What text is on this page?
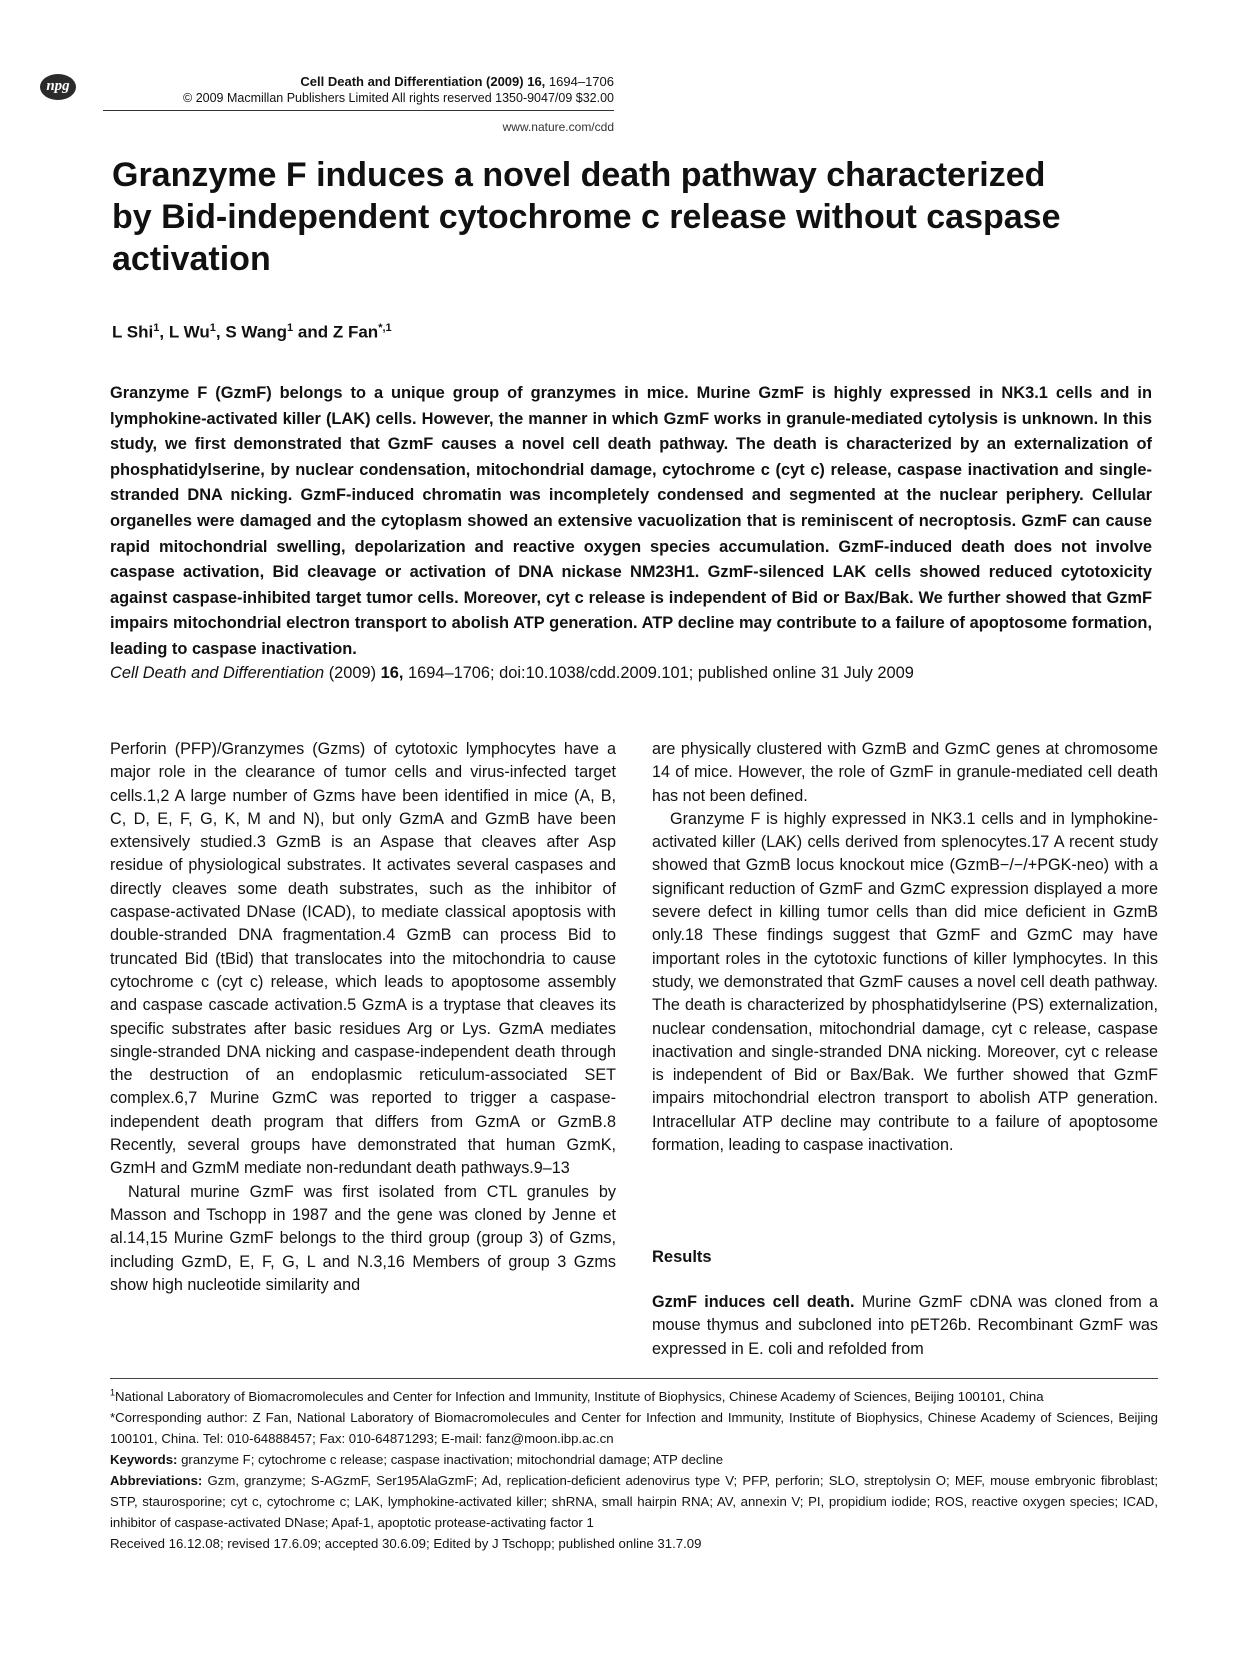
npg	Cell Death and Differentiation (2009) 16, 1694–1706
© 2009 Macmillan Publishers Limited All rights reserved 1350-9047/09 $32.00
www.nature.com/cdd
Granzyme F induces a novel death pathway characterized by Bid-independent cytochrome c release without caspase activation
L Shi$^1$, L Wu$^1$, S Wang$^1$ and Z Fan$^{*,1}$

Granzyme F (GzmF) belongs to a unique group of granzymes in mice. Murine GzmF is highly expressed in NK3.1 cells and in lymphokine-activated killer (LAK) cells. However, the manner in which GzmF works in granule-mediated cytolysis is unknown. In this study, we first demonstrated that GzmF causes a novel cell death pathway. The death is characterized by an externalization of phosphatidylserine, by nuclear condensation, mitochondrial damage, cytochrome c (cyt c) release, caspase inactivation and single-stranded DNA nicking. GzmF-induced chromatin was incompletely condensed and segmented at the nuclear periphery. Cellular organelles were damaged and the cytoplasm showed an extensive vacuolization that is reminiscent of necroptosis. GzmF can cause rapid mitochondrial swelling, depolarization and reactive oxygen species accumulation. GzmF-induced death does not involve caspase activation, Bid cleavage or activation of DNA nickase NM23H1. GzmF-silenced LAK cells showed reduced cytotoxicity against caspase-inhibited target tumor cells. Moreover, cyt c release is independent of Bid or Bax/Bak. We further showed that GzmF impairs mitochondrial electron transport to abolish ATP generation. ATP decline may contribute to a failure of apoptosome formation, leading to caspase inactivation.

Cell Death and Differentiation (2009) 16, 1694–1706; doi:10.1038/cdd.2009.101; published online 31 July 2009

Perforin (PFP)/Granzymes (Gzms) of cytotoxic lymphocytes have a major role in the clearance of tumor cells and virus-infected target cells.1,2 A large number of Gzms have been identified in mice (A, B, C, D, E, F, G, K, M and N), but only GzmA and GzmB have been extensively studied.3 GzmB is an Aspase that cleaves after Asp residue of physiological substrates. It activates several caspases and directly cleaves some death substrates, such as the inhibitor of caspase-activated DNase (ICAD), to mediate classical apoptosis with double-stranded DNA fragmentation.4 GzmB can process Bid to truncated Bid (tBid) that translocates into the mitochondria to cause cytochrome c (cyt c) release, which leads to apoptosome assembly and caspase cascade activation.5 GzmA is a tryptase that cleaves its specific substrates after basic residues Arg or Lys. GzmA mediates single-stranded DNA nicking and caspase-independent death through the destruction of an endoplasmic reticulum-associated SET complex.6,7 Murine GzmC was reported to trigger a caspase-independent death program that differs from GzmA or GzmB.8 Recently, several groups have demonstrated that human GzmK, GzmH and GzmM mediate non-redundant death pathways.9–13

Natural murine GzmF was first isolated from CTL granules by Masson and Tschopp in 1987 and the gene was cloned by Jenne et al.14,15 Murine GzmF belongs to the third group (group 3) of Gzms, including GzmD, E, F, G, L and N.3,16 Members of group 3 Gzms show high nucleotide similarity and

are physically clustered with GzmB and GzmC genes at chromosome 14 of mice. However, the role of GzmF in granule-mediated cell death has not been defined.

Granzyme F is highly expressed in NK3.1 cells and in lymphokine-activated killer (LAK) cells derived from splenocytes.17 A recent study showed that GzmB locus knockout mice (GzmB−/−/+PGK-neo) with a significant reduction of GzmF and GzmC expression displayed a more severe defect in killing tumor cells than did mice deficient in GzmB only.18 These findings suggest that GzmF and GzmC may have important roles in the cytotoxic functions of killer lymphocytes. In this study, we demonstrated that GzmF causes a novel cell death pathway. The death is characterized by phosphatidylserine (PS) externalization, nuclear condensation, mitochondrial damage, cyt c release, caspase inactivation and single-stranded DNA nicking. Moreover, cyt c release is independent of Bid or Bax/Bak. We further showed that GzmF impairs mitochondrial electron transport to abolish ATP generation. Intracellular ATP decline may contribute to a failure of apoptosome formation, leading to caspase inactivation.

Results

GzmF induces cell death. Murine GzmF cDNA was cloned from a mouse thymus and subcloned into pET26b. Recombinant GzmF was expressed in E. coli and refolded from

$^1$National Laboratory of Biomacromolecules and Center for Infection and Immunity, Institute of Biophysics, Chinese Academy of Sciences, Beijing 100101, China

*Corresponding author: Z Fan, National Laboratory of Biomacromolecules and Center for Infection and Immunity, Institute of Biophysics, Chinese Academy of Sciences, Beijing 100101, China. Tel: 010-64888457; Fax: 010-64871293; E-mail: fanz@moon.ibp.ac.cn

Keywords: granzyme F; cytochrome c release; caspase inactivation; mitochondrial damage; ATP decline

Abbreviations: Gzm, granzyme; S-AGzmF, Ser195AlaGzmF; Ad, replication-deficient adenovirus type V; PFP, perforin; SLO, streptolysin O; MEF, mouse embryonic fibroblast; STP, staurosporine; cyt c, cytochrome c; LAK, lymphokine-activated killer; shRNA, small hairpin RNA; AV, annexin V; PI, propidium iodide; ROS, reactive oxygen species; ICAD, inhibitor of caspase-activated DNase; Apaf-1, apoptotic protease-activating factor 1

Received 16.12.08; revised 17.6.09; accepted 30.6.09; Edited by J Tschopp; published online 31.7.09
